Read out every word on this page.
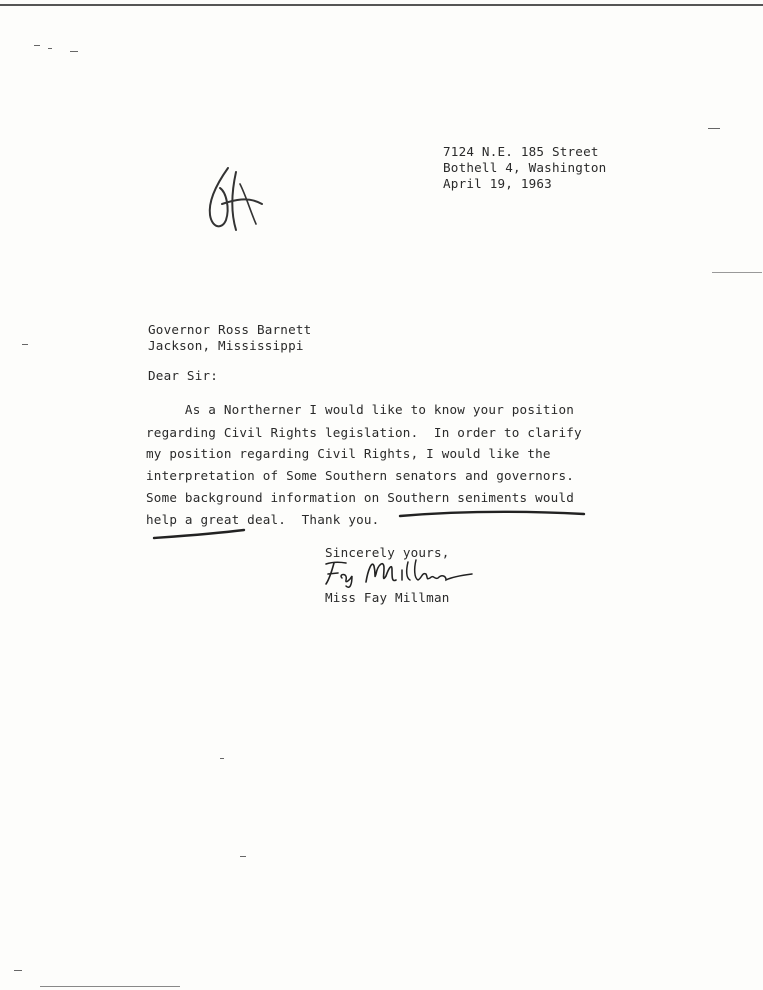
7124 N.E. 185 Street
Bothell 4, Washington
April 19, 1963
Governor Ross Barnett
Jackson, Mississippi
Dear Sir:
As a Northerner I would like to know your position
regarding Civil Rights legislation.  In order to clarify
my position regarding Civil Rights, I would like the
interpretation of Some Southern senators and governors.
Some background information on Southern seniments would
help a great deal.  Thank you.
Sincerely yours,
Miss Fay Millman
